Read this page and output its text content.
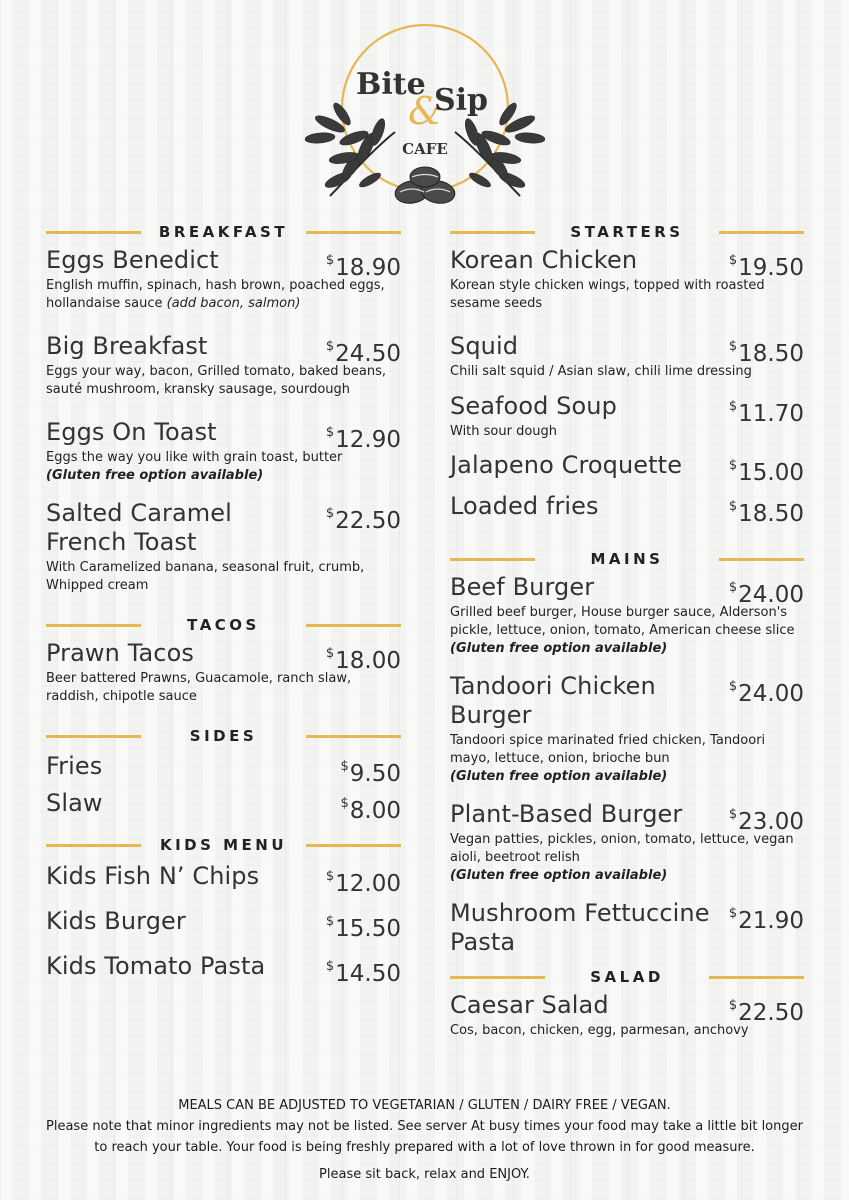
Bite
&
Sip
CAFE
BREAKFAST
Eggs Benedict	$18.90
English muffin, spinach, hash brown, poached eggs, hollandaise sauce (add bacon, salmon)
Big Breakfast	$24.50
Eggs your way, bacon, Grilled tomato, baked beans, sauté mushroom, kransky sausage, sourdough
Eggs On Toast	$12.90
Eggs the way you like with grain toast, butter
(Gluten free option available)
Salted Caramel French Toast
$22.50
With Caramelized banana, seasonal fruit, crumb, Whipped cream
TACOS
Prawn Tacos	$18.00
Beer battered Prawns, Guacamole, ranch slaw, raddish, chipotle sauce
SIDES
Fries	$9.50
Slaw	$8.00
KIDS MENU
Kids Fish N’ Chips	$12.00
Kids Burger	$15.50
Kids Tomato Pasta	$14.50
STARTERS
Korean Chicken	$19.50
Korean style chicken wings, topped with roasted sesame seeds
Squid	$18.50
Chili salt squid / Asian slaw, chili lime dressing
Seafood Soup	$11.70
With sour dough
Jalapeno Croquette	$15.00
Loaded fries	$18.50
MAINS
Beef Burger	$24.00
Grilled beef burger, House burger sauce, Alderson's pickle, lettuce, onion, tomato, American cheese slice
(Gluten free option available)
Tandoori Chicken Burger
$24.00
Tandoori spice marinated fried chicken, Tandoori mayo, lettuce, onion, brioche bun
(Gluten free option available)
Plant-Based Burger	$23.00
Vegan patties, pickles, onion, tomato, lettuce, vegan aioli, beetroot relish
(Gluten free option available)
Mushroom Fettuccine Pasta
$21.90
SALAD
Caesar Salad	$22.50
Cos, bacon, chicken, egg, parmesan, anchovy
MEALS CAN BE ADJUSTED TO VEGETARIAN / GLUTEN / DAIRY FREE / VEGAN.
Please note that minor ingredients may not be listed. See server At busy times your food may take a little bit longer
to reach your table. Your food is being freshly prepared with a lot of love thrown in for good measure.
Please sit back, relax and ENJOY.
